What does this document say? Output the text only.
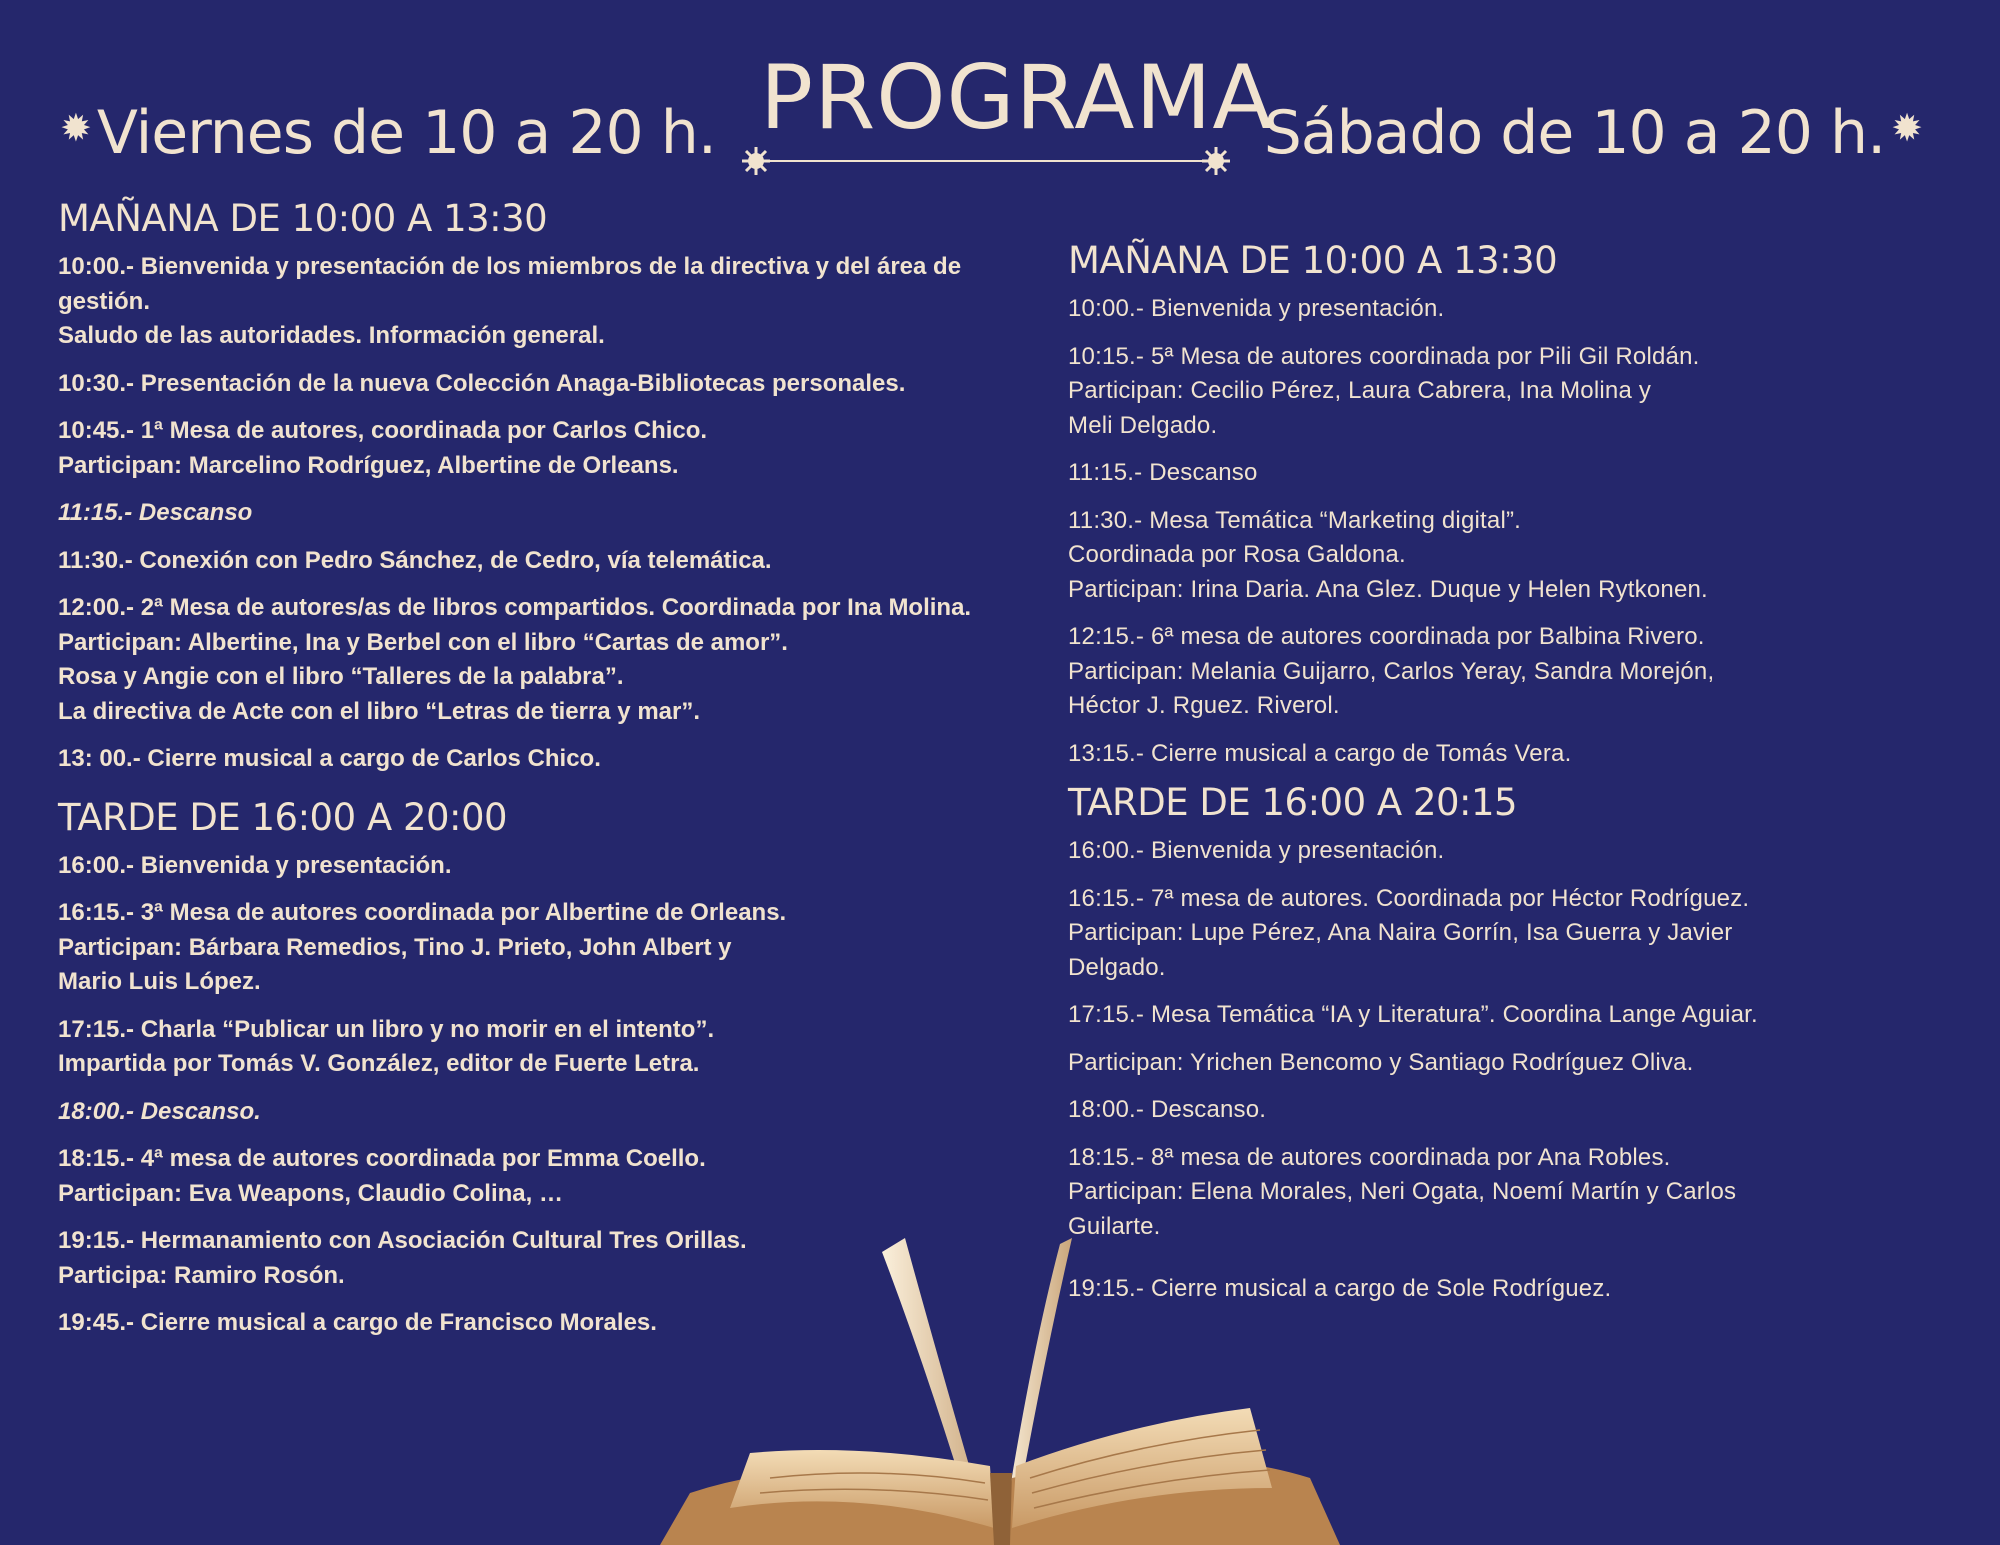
✹ Viernes de 10 a 20 h. PROGRAMA
Sábado de 10 a 20 h. ✹
MAÑANA DE 10:00 A 13:30
10:00.- Bienvenida y presentación de los miembros de la directiva y del área de gestión.
Saludo de las autoridades. Información general.
10:30.- Presentación de la nueva Colección Anaga-Bibliotecas personales.
10:45.- 1ª Mesa de autores, coordinada por Carlos Chico.
Participan: Marcelino Rodríguez, Albertine de Orleans.
11:15.- Descanso
11:30.- Conexión con Pedro Sánchez, de Cedro, vía telemática.
12:00.- 2ª Mesa de autores/as de libros compartidos. Coordinada por Ina Molina.
Participan: Albertine, Ina y Berbel con el libro “Cartas de amor”.
Rosa y Angie con el libro “Talleres de la palabra”.
La directiva de Acte con el libro “Letras de tierra y mar”.
13: 00.- Cierre musical a cargo de Carlos Chico.
TARDE DE 16:00 A 20:00
16:00.- Bienvenida y presentación.
16:15.- 3ª Mesa de autores coordinada por Albertine de Orleans.
Participan: Bárbara Remedios, Tino J. Prieto, John Albert y
Mario Luis López.
17:15.- Charla “Publicar un libro y no morir en el intento”.
Impartida por Tomás V. González, editor de Fuerte Letra.
18:00.- Descanso.
18:15.- 4ª mesa de autores coordinada por Emma Coello.
Participan: Eva Weapons, Claudio Colina, …
19:15.- Hermanamiento con Asociación Cultural Tres Orillas.
Participa: Ramiro Rosón.
19:45.- Cierre musical a cargo de Francisco Morales.
MAÑANA DE 10:00 A 13:30
10:00.- Bienvenida y presentación.
10:15.- 5ª Mesa de autores coordinada por Pili Gil Roldán.
Participan: Cecilio Pérez, Laura Cabrera, Ina Molina y
Meli Delgado.
11:15.- Descanso
11:30.- Mesa Temática “Marketing digital”.
Coordinada por Rosa Galdona.
Participan: Irina Daria. Ana Glez. Duque y Helen Rytkonen.
12:15.- 6ª mesa de autores coordinada por Balbina Rivero.
Participan: Melania Guijarro, Carlos Yeray, Sandra Morejón,
Héctor J. Rguez. Riverol.
13:15.- Cierre musical a cargo de Tomás Vera.
TARDE DE 16:00 A 20:15
16:00.- Bienvenida y presentación.
16:15.- 7ª mesa de autores. Coordinada por Héctor Rodríguez.
Participan: Lupe Pérez, Ana Naira Gorrín, Isa Guerra y Javier
Delgado.
17:15.- Mesa Temática “IA y Literatura”. Coordina Lange Aguiar.
Participan: Yrichen Bencomo y Santiago Rodríguez Oliva.
18:00.- Descanso.
18:15.- 8ª mesa de autores coordinada por Ana Robles.
Participan: Elena Morales, Neri Ogata, Noemí Martín y Carlos
Guilarte.
19:15.- Cierre musical a cargo de Sole Rodríguez.
